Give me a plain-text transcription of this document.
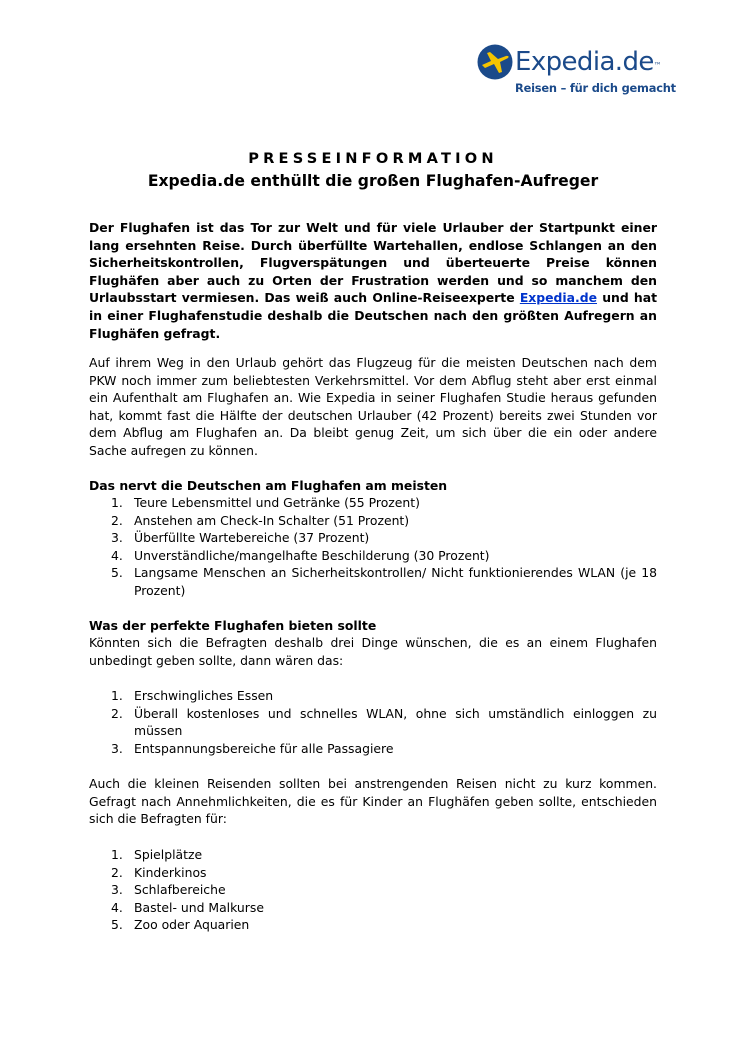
Expedia.de™
Reisen – für dich gemacht
PRESSEINFORMATION
Expedia.de enthüllt die großen Flughafen-Aufreger

Der Flughafen ist das Tor zur Welt und für viele Urlauber der Startpunkt einer lang ersehnten Reise. Durch überfüllte Wartehallen, endlose Schlangen an den Sicherheitskontrollen, Flugverspätungen und überteuerte Preise können Flughäfen aber auch zu Orten der Frustration werden und so manchem den Urlaubsstart vermiesen. Das weiß auch Online-Reiseexperte Expedia.de und hat in einer Flughafenstudie deshalb die Deutschen nach den größten Aufregern an Flughäfen gefragt.

Auf ihrem Weg in den Urlaub gehört das Flugzeug für die meisten Deutschen nach dem PKW noch immer zum beliebtesten Verkehrsmittel. Vor dem Abflug steht aber erst einmal ein Aufenthalt am Flughafen an. Wie Expedia in seiner Flughafen Studie heraus gefunden hat, kommt fast die Hälfte der deutschen Urlauber (42 Prozent) bereits zwei Stunden vor dem Abflug am Flughafen an. Da bleibt genug Zeit, um sich über die ein oder andere Sache aufregen zu können.

Das nervt die Deutschen am Flughafen am meisten
1. Teure Lebensmittel und Getränke (55 Prozent)
2. Anstehen am Check-In Schalter (51 Prozent)
3. Überfüllte Wartebereiche (37 Prozent)
4. Unverständliche/mangelhafte Beschilderung (30 Prozent)
5. Langsame Menschen an Sicherheitskontrollen/ Nicht funktionierendes WLAN (je 18 Prozent)
Was der perfekte Flughafen bieten sollte

Könnten sich die Befragten deshalb drei Dinge wünschen, die es an einem Flughafen unbedingt geben sollte, dann wären das:

1. Erschwingliches Essen
2. Überall kostenloses und schnelles WLAN, ohne sich umständlich einloggen zu müssen
3. Entspannungsbereiche für alle Passagiere

Auch die kleinen Reisenden sollten bei anstrengenden Reisen nicht zu kurz kommen. Gefragt nach Annehmlichkeiten, die es für Kinder an Flughäfen geben sollte, entschieden sich die Befragten für:

1. Spielplätze
2. Kinderkinos
3. Schlafbereiche
4. Bastel- und Malkurse
5. Zoo oder Aquarien
